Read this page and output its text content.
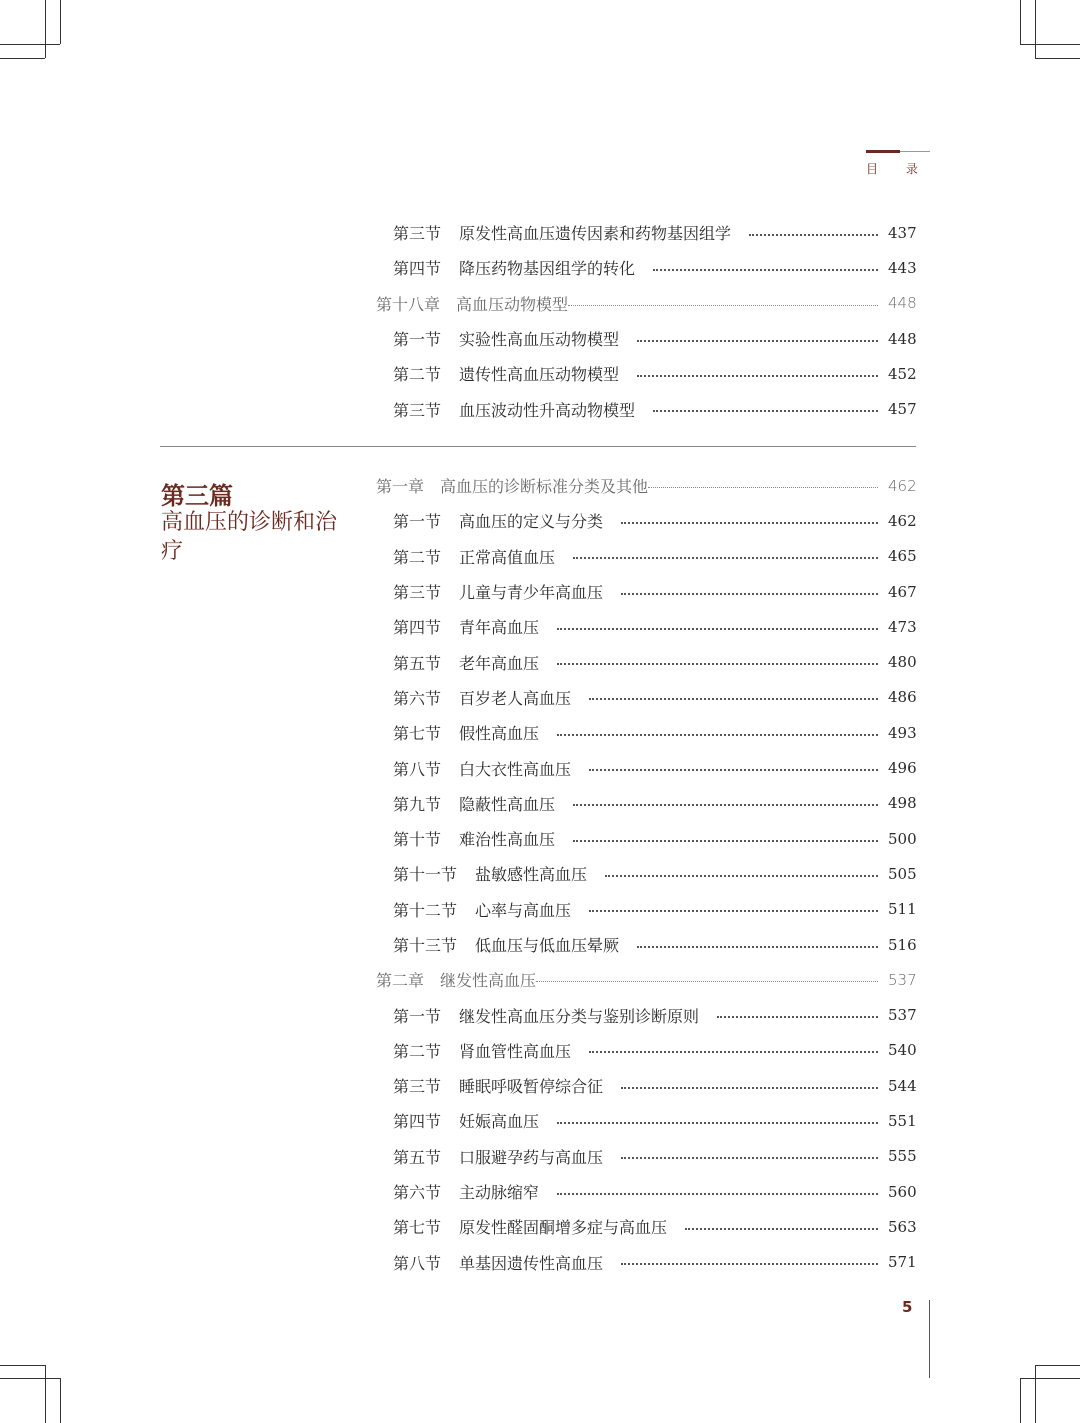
目 录
第三节 原发性高血压遗传因素和药物基因组学	437
第四节 降压药物基因组学的转化	443
第十八章 高血压动物模型	448
第一节 实验性高血压动物模型	448
第二节 遗传性高血压动物模型	452
第三节 血压波动性升高动物模型	457
第三篇
高血压的诊断和治疗
第一章 高血压的诊断标准分类及其他	462
第一节 高血压的定义与分类	462
第二节 正常高值血压	465
第三节 儿童与青少年高血压	467
第四节 青年高血压	473
第五节 老年高血压	480
第六节 百岁老人高血压	486
第七节 假性高血压	493
第八节 白大衣性高血压	496
第九节 隐蔽性高血压	498
第十节 难治性高血压	500
第十一节 盐敏感性高血压	505
第十二节 心率与高血压	511
第十三节 低血压与低血压晕厥	516
第二章 继发性高血压	537
第一节 继发性高血压分类与鉴别诊断原则	537
第二节 肾血管性高血压	540
第三节 睡眠呼吸暂停综合征	544
第四节 妊娠高血压	551
第五节 口服避孕药与高血压	555
第六节 主动脉缩窄	560
第七节 原发性醛固酮增多症与高血压	563
第八节 单基因遗传性高血压	571
5
